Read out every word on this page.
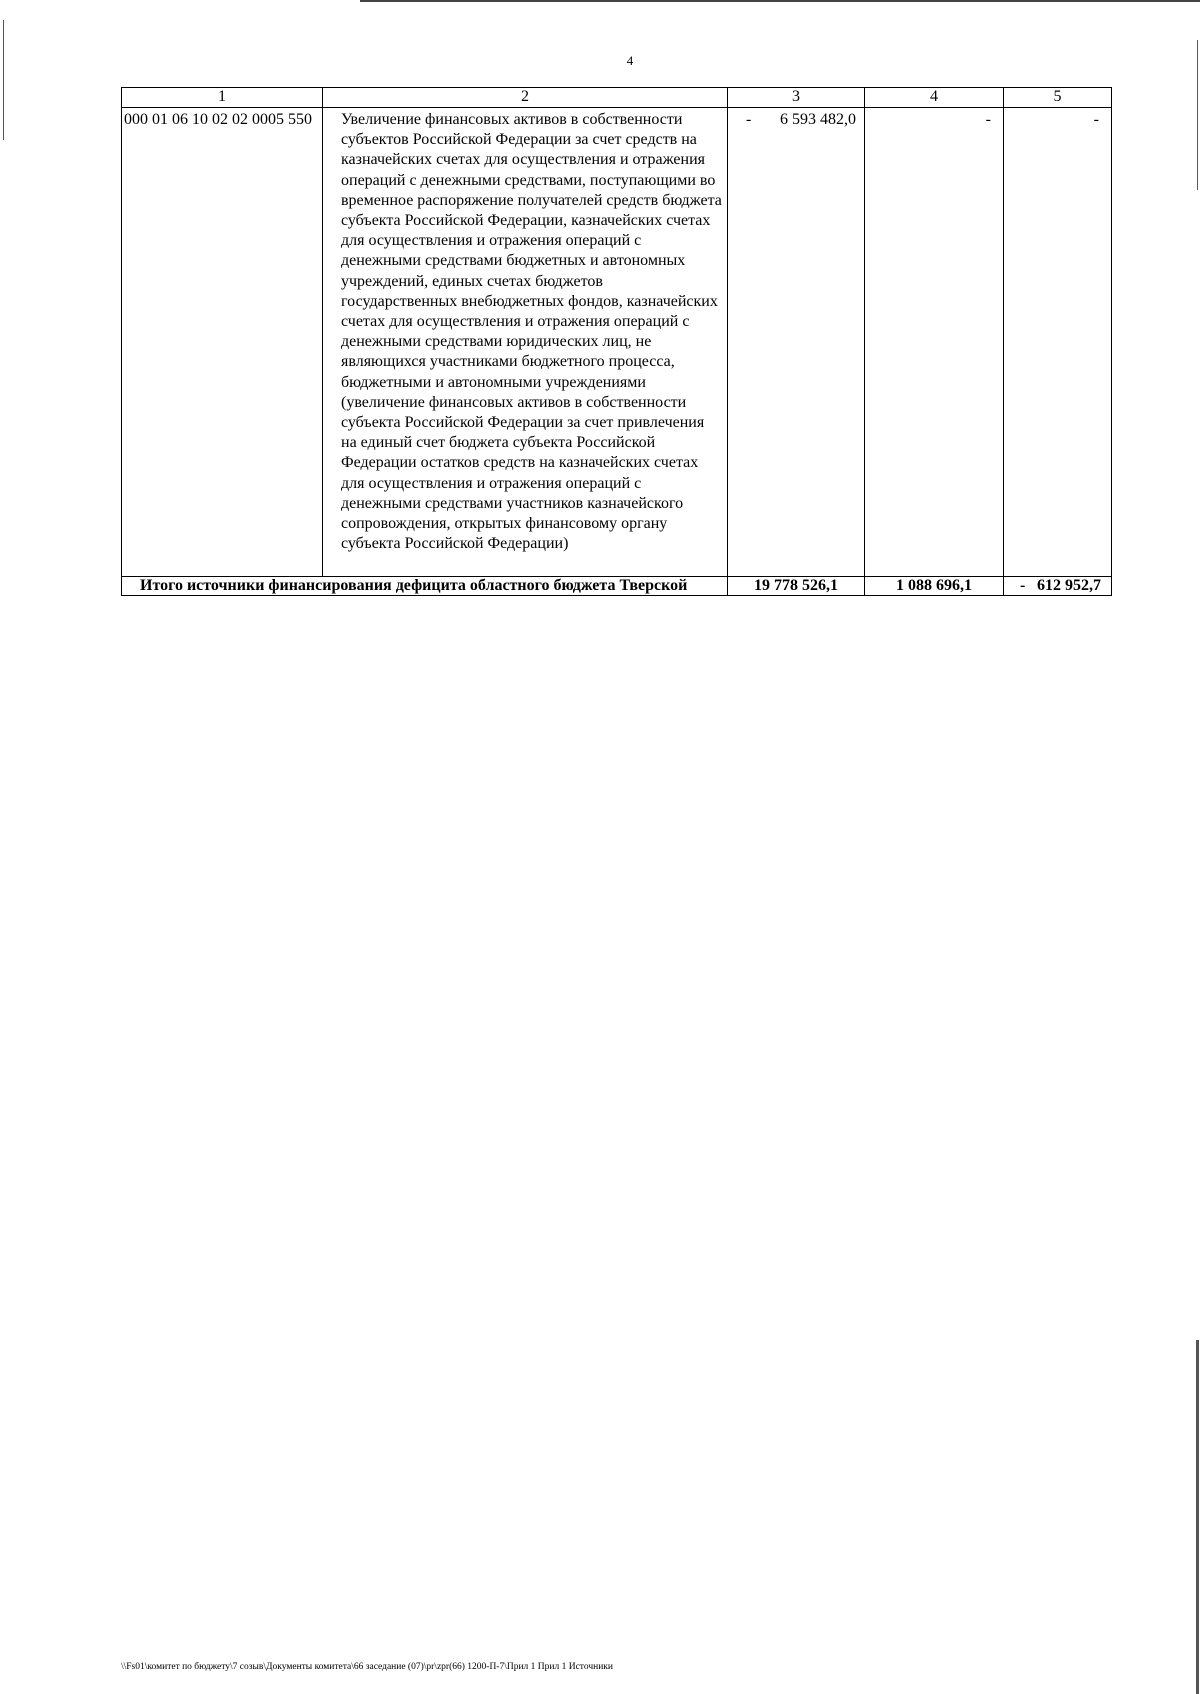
4
1	2	3	4	5
000 01 06 10 02 02 0005 550	Увеличение финансовых активов в собственности субъектов Российской Федерации за счет средств на казначейских счетах для осуществления и отражения операций с денежными средствами, поступающими во временное распоряжение получателей средств бюджета субъекта Российской Федерации, казначейских счетах для осуществления и отражения операций с денежными средствами бюджетных и автономных учреждений, единых счетах бюджетов государственных внебюджетных фондов, казначейских счетах для осуществления и отражения операций с денежными средствами юридических лиц, не являющихся участниками бюджетного процесса, бюджетными и автономными учреждениями (увеличение финансовых активов в собственности субъекта Российской Федерации за счет привлечения на единый счет бюджета субъекта Российской Федерации остатков средств на казначейских счетах для осуществления и отражения операций с денежными средствами участников казначейского сопровождения, открытых финансовому органу субъекта Российской Федерации)	- 6 593 482,0	-	-
Итого источники финансирования дефицита областного бюджета Тверской		19 778 526,1	1 088 696,1	- 612 952,7
\\Fs01\комитет по бюджету\7 созыв\Документы комитета\66 заседание (07)\pr\zpr(66) 1200-П-7\Прил 1 Прил 1 Источники
